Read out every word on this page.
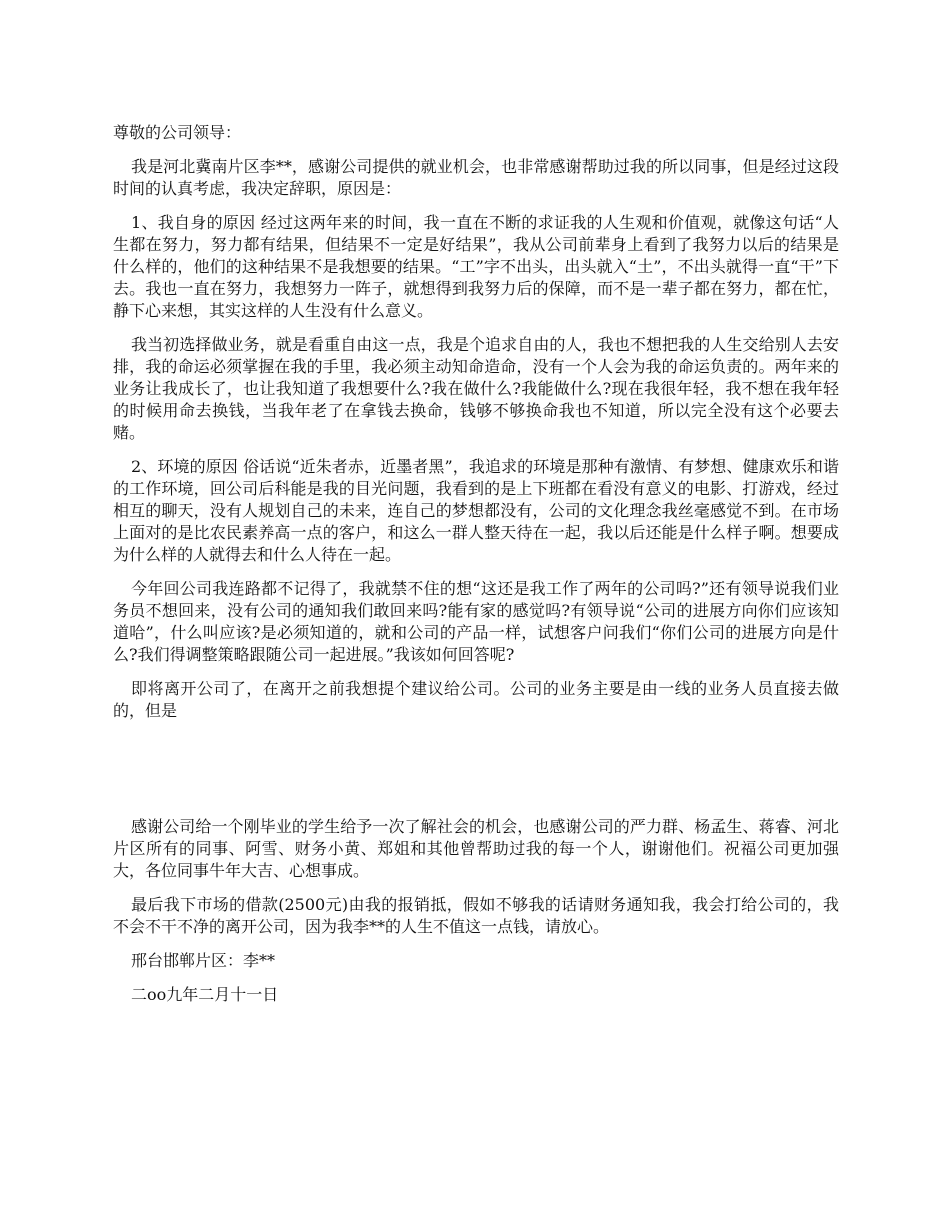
尊敬的公司领导：

我是河北冀南片区李**，感谢公司提供的就业机会，也非常感谢帮助过我的所以同事，但是经过这段时间的认真考虑，我决定辞职，原因是：

1、我自身的原因 经过这两年来的时间，我一直在不断的求证我的人生观和价值观，就像这句话“人生都在努力，努力都有结果，但结果不一定是好结果”，我从公司前辈身上看到了我努力以后的结果是什么样的，他们的这种结果不是我想要的结果。“工”字不出头，出头就入“土”，不出头就得一直“干”下去。我也一直在努力，我想努力一阵子，就想得到我努力后的保障，而不是一辈子都在努力，都在忙，静下心来想，其实这样的人生没有什么意义。

我当初选择做业务，就是看重自由这一点，我是个追求自由的人，我也不想把我的人生交给别人去安排，我的命运必须掌握在我的手里，我必须主动知命造命，没有一个人会为我的命运负责的。两年来的业务让我成长了，也让我知道了我想要什么?我在做什么?我能做什么?现在我很年轻，我不想在我年轻的时候用命去换钱，当我年老了在拿钱去换命，钱够不够换命我也不知道，所以完全没有这个必要去赌。

2、环境的原因 俗话说“近朱者赤，近墨者黑”，我追求的环境是那种有激情、有梦想、健康欢乐和谐的工作环境，回公司后科能是我的目光问题，我看到的是上下班都在看没有意义的电影、打游戏，经过相互的聊天，没有人规划自己的未来，连自己的梦想都没有，公司的文化理念我丝毫感觉不到。在市场上面对的是比农民素养高一点的客户，和这么一群人整天待在一起，我以后还能是什么样子啊。想要成为什么样的人就得去和什么人待在一起。

今年回公司我连路都不记得了，我就禁不住的想“这还是我工作了两年的公司吗?”还有领导说我们业务员不想回来，没有公司的通知我们敢回来吗?能有家的感觉吗?有领导说“公司的进展方向你们应该知道哈”，什么叫应该?是必须知道的，就和公司的产品一样，试想客户问我们“你们公司的进展方向是什么?我们得调整策略跟随公司一起进展。”我该如何回答呢?

即将离开公司了，在离开之前我想提个建议给公司。公司的业务主要是由一线的业务人员直接去做的，但是

感谢公司给一个刚毕业的学生给予一次了解社会的机会，也感谢公司的严力群、杨孟生、蒋睿、河北片区所有的同事、阿雪、财务小黄、郑姐和其他曾帮助过我的每一个人，谢谢他们。祝福公司更加强大，各位同事牛年大吉、心想事成。

最后我下市场的借款(2500元)由我的报销抵，假如不够我的话请财务通知我，我会打给公司的，我不会不干不净的离开公司，因为我李**的人生不值这一点钱，请放心。

邢台邯郸片区：李**

二oo九年二月十一日
